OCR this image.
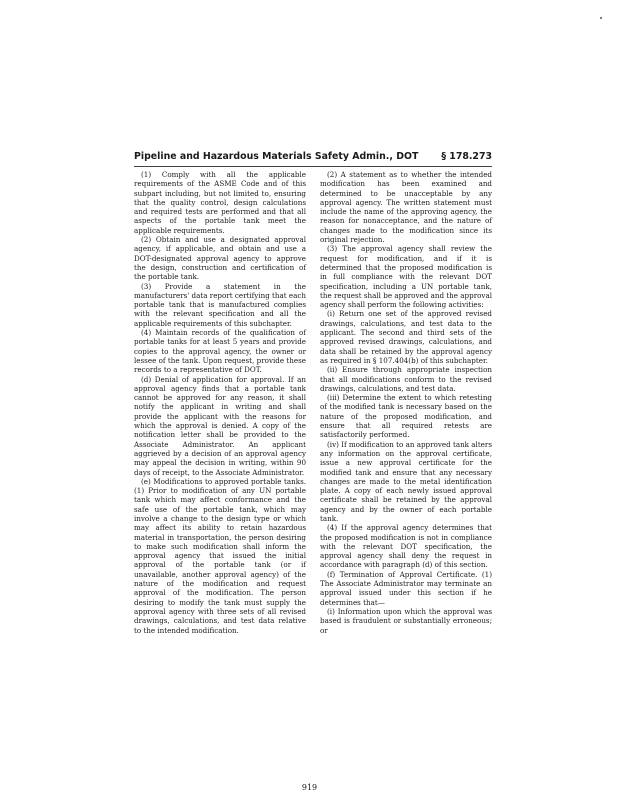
Pipeline and Hazardous Materials Safety Admin., DOT § 178.273

(1) Comply with all the applicable requirements of the ASME Code and of this subpart including, but not limited to, ensuring that the quality control, design calculations and required tests are performed and that all aspects of the portable tank meet the applicable requirements.

(2) Obtain and use a designated approval agency, if applicable, and obtain and use a DOT-designated approval agency to approve the design, construction and certification of the portable tank.

(3) Provide a statement in the manufacturers' data report certifying that each portable tank that is manufactured complies with the relevant specification and all the applicable requirements of this subchapter.

(4) Maintain records of the qualification of portable tanks for at least 5 years and provide copies to the approval agency, the owner or lessee of the tank. Upon request, provide these records to a representative of DOT.

(d) Denial of application for approval. If an approval agency finds that a portable tank cannot be approved for any reason, it shall notify the applicant in writing and shall provide the applicant with the reasons for which the approval is denied. A copy of the notification letter shall be provided to the Associate Administrator. An applicant aggrieved by a decision of an approval agency may appeal the decision in writing, within 90 days of receipt, to the Associate Administrator.

(e) Modifications to approved portable tanks. (1) Prior to modification of any UN portable tank which may affect conformance and the safe use of the portable tank, which may involve a change to the design type or which may affect its ability to retain hazardous material in transportation, the person desiring to make such modification shall inform the approval agency that issued the initial approval of the portable tank (or if unavailable, another approval agency) of the nature of the modification and request approval of the modification. The person desiring to modify the tank must supply the approval agency with three sets of all revised drawings, calculations, and test data relative to the intended modification.

(2) A statement as to whether the intended modification has been examined and determined to be unacceptable by any approval agency. The written statement must include the name of the approving agency, the reason for nonacceptance, and the nature of changes made to the modification since its original rejection.

(3) The approval agency shall review the request for modification, and if it is determined that the proposed modification is in full compliance with the relevant DOT specification, including a UN portable tank, the request shall be approved and the approval agency shall perform the following activities:

(i) Return one set of the approved revised drawings, calculations, and test data to the applicant. The second and third sets of the approved revised drawings, calculations, and data shall be retained by the approval agency as required in § 107.404(b) of this subchapter.

(ii) Ensure through appropriate inspection that all modifications conform to the revised drawings, calculations, and test data.

(iii) Determine the extent to which retesting of the modified tank is necessary based on the nature of the proposed modification, and ensure that all required retests are satisfactorily performed.

(iv) If modification to an approved tank alters any information on the approval certificate, issue a new approval certificate for the modified tank and ensure that any necessary changes are made to the metal identification plate. A copy of each newly issued approval certificate shall be retained by the approval agency and by the owner of each portable tank.

(4) If the approval agency determines that the proposed modification is not in compliance with the relevant DOT specification, the approval agency shall deny the request in accordance with paragraph (d) of this section.

(f) Termination of Approval Certificate. (1) The Associate Administrator may terminate an approval issued under this section if he determines that—

(i) Information upon which the approval was based is fraudulent or substantially erroneous; or

919
